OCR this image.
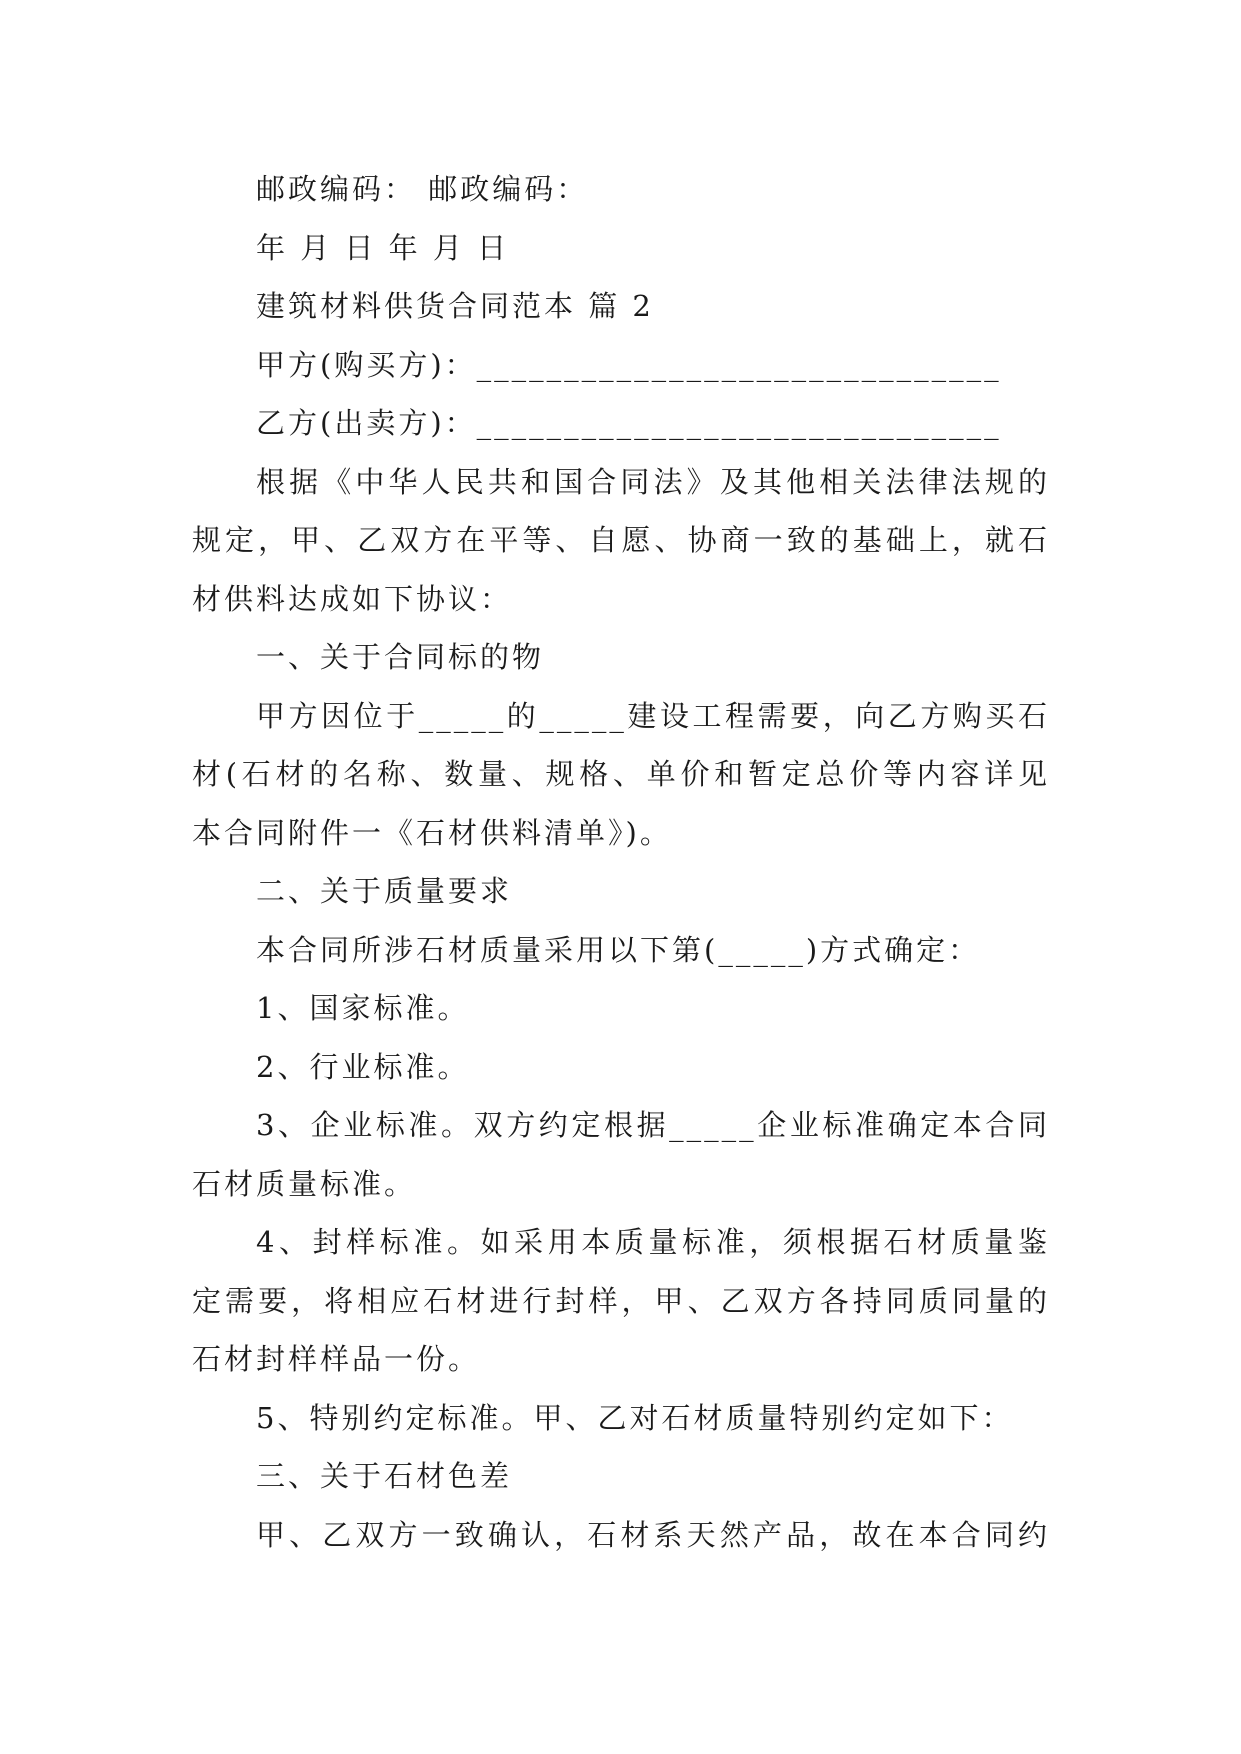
邮政编码： 邮政编码：

年 月 日 年 月 日

建筑材料供货合同范本 篇 2

甲方(购买方)：______________________________

乙方(出卖方)：______________________________

根据《中华人民共和国合同法》及其他相关法律法规的

规定，甲、乙双方在平等、自愿、协商一致的基础上，就石

材供料达成如下协议：

一、关于合同标的物

甲方因位于_____的_____建设工程需要，向乙方购买石

材(石材的名称、数量、规格、单价和暂定总价等内容详见

本合同附件一《石材供料清单》)。

二、关于质量要求

本合同所涉石材质量采用以下第(_____)方式确定：

1、国家标准。

2、行业标准。

3、企业标准。双方约定根据_____企业标准确定本合同

石材质量标准。

4、封样标准。如采用本质量标准，须根据石材质量鉴

定需要，将相应石材进行封样，甲、乙双方各持同质同量的

石材封样样品一份。

5、特别约定标准。甲、乙对石材质量特别约定如下：

三、关于石材色差

甲、乙双方一致确认，石材系天然产品，故在本合同约
